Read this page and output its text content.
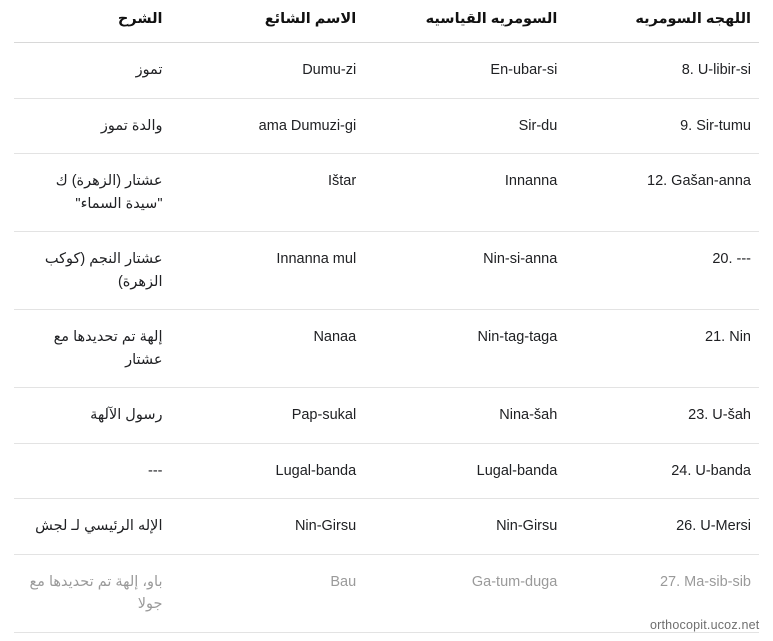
اللهجه السومريه	السومريه القياسيه	الاسم الشائع	الشرح
8. U-libir-si	En-ubar-si	Dumu-zi	تموز
9. Sir-tumu	Sir-du	ama Dumuzi-gi	والدة تموز
12. Gašan-anna	Innanna	Ištar	عشتار (الزهرة) ك "سيدة السماء"
20. ---	Nin-si-anna	Innanna mul	عشتار النجم (كوكب الزهرة)
21. Nin	Nin-tag-taga	Nanaa	إلهة تم تحديدها مع عشتار
23. U-šah	Nina-šah	Pap-sukal	رسول الآلهة
24. U-banda	Lugal-banda	Lugal-banda	---
26. U-Mersi	Nin-Girsu	Nin-Girsu	الإله الرئيسي لـ لجش
27. Ma-sib-sib	Ga-tum-duga	Bau	باو، إلهة تم تحديدها مع جولا
orthocopit.ucoz.net
